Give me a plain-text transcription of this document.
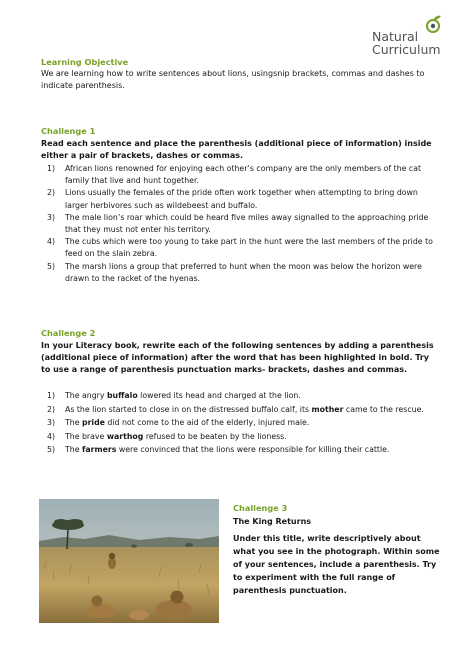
Natural
Curriculum
Learning Objective
We are learning how to write sentences about lions, usingsnip brackets, commas and dashes to indicate parenthesis.
Challenge 1
Read each sentence and place the parenthesis (additional piece of information) inside either a pair of brackets, dashes or commas.
1) African lions renowned for enjoying each other’s company are the only members of the cat family that live and hunt together.
2) Lions usually the females of the pride often work together when attempting to bring down larger herbivores such as wildebeest and buffalo.
3) The male lion’s roar which could be heard five miles away signalled to the approaching pride that they must not enter his territory.
4) The cubs which were too young to take part in the hunt were the last members of the pride to feed on the slain zebra.
5) The marsh lions a group that preferred to hunt when the moon was below the horizon were drawn to the racket of the hyenas.
Challenge 2
In your Literacy book, rewrite each of the following sentences by adding a parenthesis (additional piece of information) after the word that has been highlighted in bold. Try to use a range of parenthesis punctuation marks- brackets, dashes and commas.
1) The angry buffalo lowered its head and charged at the lion.
2) As the lion started to close in on the distressed buffalo calf, its mother came to the rescue.
3) The pride did not come to the aid of the elderly, injured male.
4) The brave warthog refused to be beaten by the lioness.
5) The farmers were convinced that the lions were responsible for killing their cattle.
Challenge 3
The King Returns
Under this title, write descriptively about what you see in the photograph. Within some of your sentences, include a parenthesis. Try to experiment with the full range of parenthesis punctuation.
